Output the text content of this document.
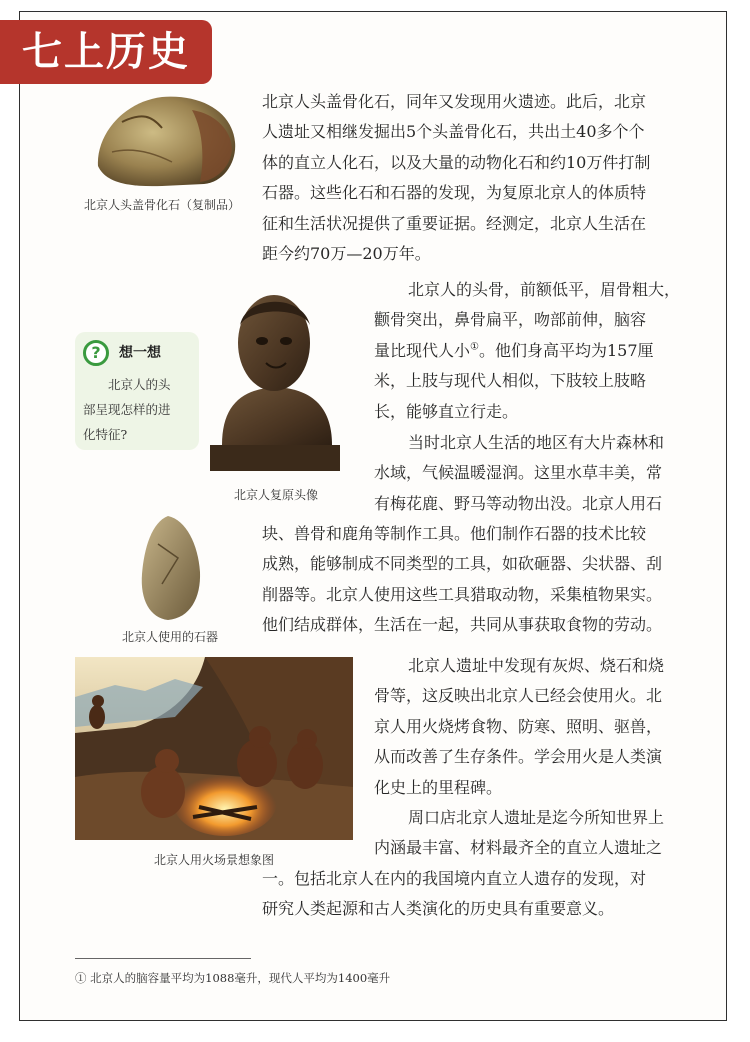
七上历史
北京人头盖骨化石（复制品）
北京人头盖骨化石，同年又发现用火遗迹。此后，北京
人遗址又相继发掘出5个头盖骨化石，共出土40多个个
体的直立人化石，以及大量的动物化石和约10万件打制
石器。这些化石和石器的发现，为复原北京人的体质特
征和生活状况提供了重要证据。经测定，北京人生活在
距今约70万—20万年。
北京人复原头像
北京人的头骨，前额低平，眉骨粗大，
颧骨突出，鼻骨扁平，吻部前伸，脑容
量比现代人小①。他们身高平均为157厘
米，上肢与现代人相似，下肢较上肢略
长，能够直立行走。
?	想一想
北京人的头
部呈现怎样的进
化特征?	当时北京人生活的地区有大片森林和
水域，气候温暖湿润。这里水草丰美，常
有梅花鹿、野马等动物出没。北京人用石
北京人使用的石器
块、兽骨和鹿角等制作工具。他们制作石器的技术比较
成熟，能够制成不同类型的工具，如砍砸器、尖状器、刮
削器等。北京人使用这些工具猎取动物，采集植物果实。
他们结成群体，生活在一起，共同从事获取食物的劳动。
北京人用火场景想象图
北京人遗址中发现有灰烬、烧石和烧
骨等，这反映出北京人已经会使用火。北
京人用火烧烤食物、防寒、照明、驱兽，
从而改善了生存条件。学会用火是人类演
化史上的里程碑。
周口店北京人遗址是迄今所知世界上
内涵最丰富、材料最齐全的直立人遗址之
一。包括北京人在内的我国境内直立人遗存的发现，对
研究人类起源和古人类演化的历史具有重要意义。
① 北京人的脑容量平均为1088毫升，现代人平均为1400毫升
